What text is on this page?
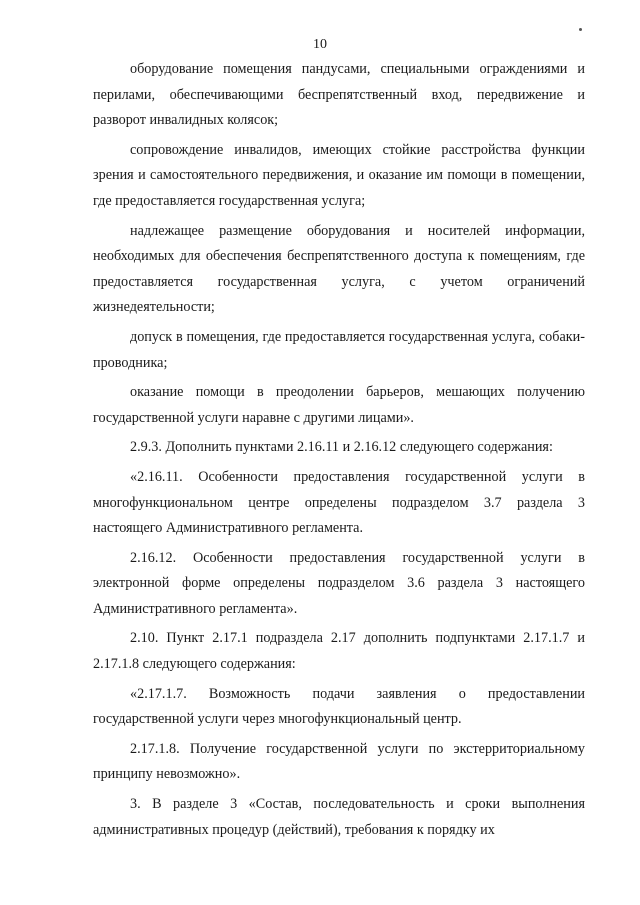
10

оборудование помещения пандусами, специальными ограждениями и перилами, обеспечивающими беспрепятственный вход, передвижение и разворот инвалидных колясок;

сопровождение инвалидов, имеющих стойкие расстройства функции зрения и самостоятельного передвижения, и оказание им помощи в помещении, где предоставляется государственная услуга;

надлежащее размещение оборудования и носителей информации, необходимых для обеспечения беспрепятственного доступа к помещениям, где предоставляется государственная услуга, с учетом ограничений жизнедеятельности;

допуск в помещения, где предоставляется государственная услуга, собаки-проводника;

оказание помощи в преодолении барьеров, мешающих получению государственной услуги наравне с другими лицами».

2.9.3. Дополнить пунктами 2.16.11 и 2.16.12 следующего содержания:

«2.16.11. Особенности предоставления государственной услуги в многофункциональном центре определены подразделом 3.7 раздела 3 настоящего Административного регламента.

2.16.12. Особенности предоставления государственной услуги в электронной форме определены подразделом 3.6 раздела 3 настоящего Административного регламента».

2.10. Пункт 2.17.1 подраздела 2.17 дополнить подпунктами 2.17.1.7 и 2.17.1.8 следующего содержания:

«2.17.1.7. Возможность подачи заявления о предоставлении государственной услуги через многофункциональный центр.

2.17.1.8. Получение государственной услуги по экстерриториальному принципу невозможно».

3. В разделе 3 «Состав, последовательность и сроки выполнения административных процедур (действий), требования к порядку их
